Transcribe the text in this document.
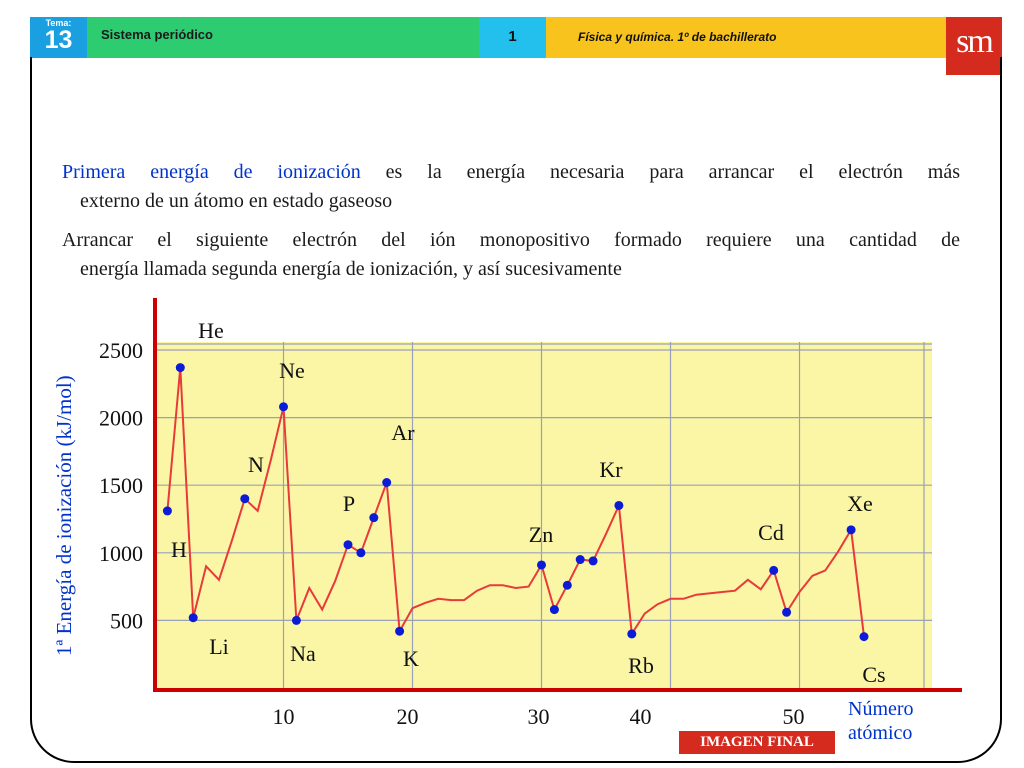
Tema:
13	Sistema periódico	1	Física y química. 1º de bachillerato	sm
Primera energía de ionización es la energía necesaria para arrancar el electrón más
externo de un átomo en estado gaseoso
Arrancar el siguiente electrón del ión monopositivo formado requiere una cantidad de
energía llamada segunda energía de ionización, y así sucesivamente
500
1000
1500
2000
2500
10	20	30	40	50
H
He
Li
N
Ne
Na
P
Ar
K
Zn
Kr
Rb
Cd
Xe
Cs
1ª Energía de ionización (kJ/mol)
Número
atómico
IMAGEN FINAL
